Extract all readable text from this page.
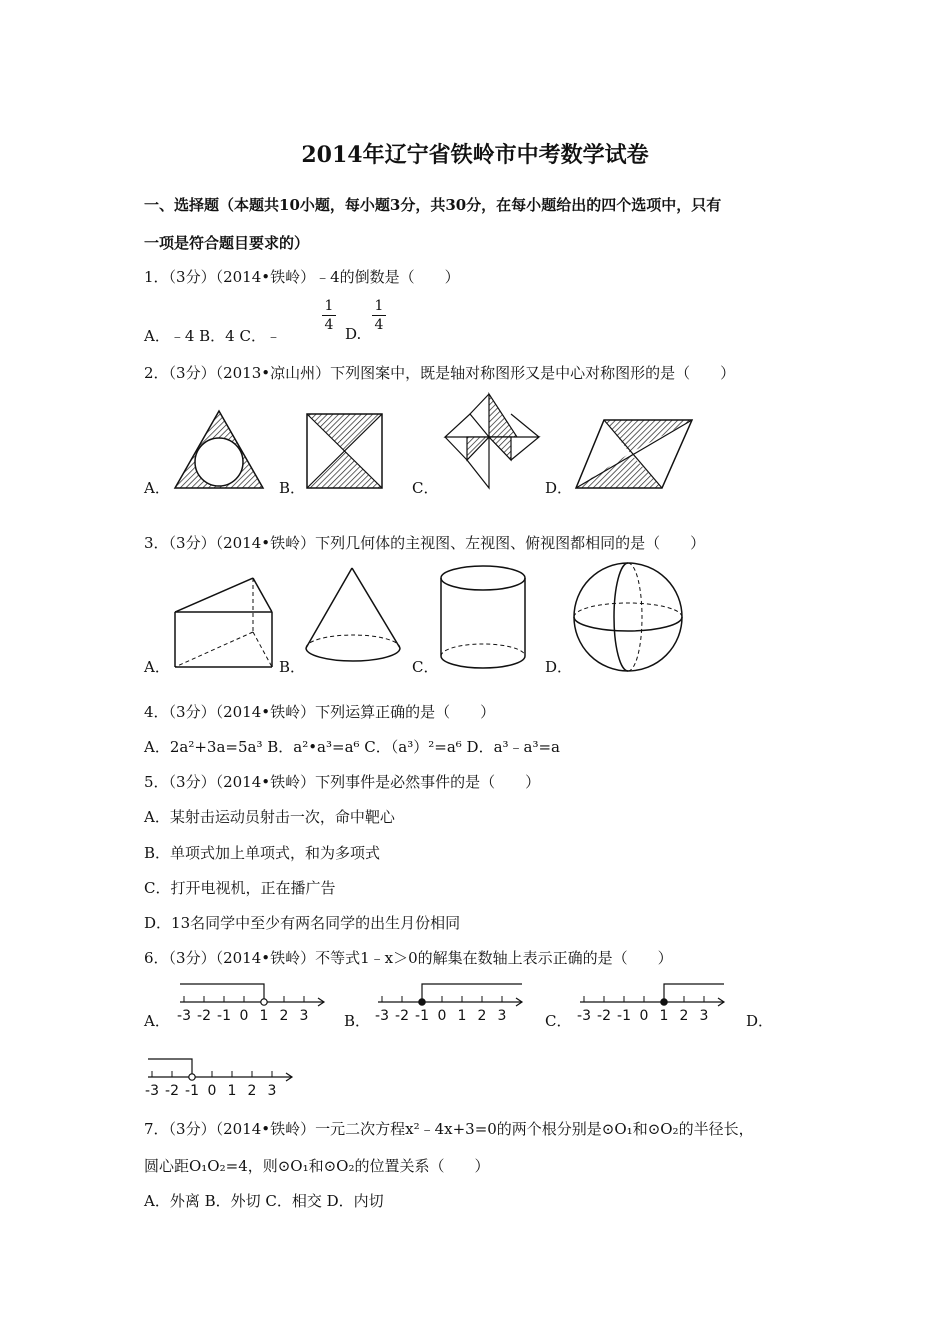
2014年辽宁省铁岭市中考数学试卷
一、选择题（本题共10小题，每小题3分，共30分，在每小题给出的四个选项中，只有
一项是符合题目要求的）
1．（3分）（2014•铁岭）﹣4的倒数是（　　）
A．﹣4 B．4 C．﹣
1
4 D.
1
4
2．（3分）（2013•凉山州）下列图案中，既是轴对称图形又是中心对称图形的是（　　）
A．	B．	C．	D．
3．（3分）（2014•铁岭）下列几何体的主视图、左视图、俯视图都相同的是（　　）
A．	B．	C．	D．
4．（3分）（2014•铁岭）下列运算正确的是（　　）
A．2a²+3a=5a³ B．a²•a³=a⁶ C．（a³）²=a⁶ D．a³﹣a³=a
5．（3分）（2014•铁岭）下列事件是必然事件的是（　　）
A．某射击运动员射击一次，命中靶心
B．单项式加上单项式，和为多项式
C．打开电视机，正在播广告
D．13名同学中至少有两名同学的出生月份相同
6．（3分）（2014•铁岭）不等式1﹣x＞0的解集在数轴上表示正确的是（　　）
A．	B．	C．	D．
-3 -2 -1 0 1 2 3	-3 -2 -1 0 1 2 3	-3 -2 -1 0 1 2 3
-3 -2 -1 0 1 2 3
7．（3分）（2014•铁岭）一元二次方程x²﹣4x+3=0的两个根分别是⊙O₁和⊙O₂的半径长，
圆心距O₁O₂=4，则⊙O₁和⊙O₂的位置关系（　　）
A．外离 B．外切 C．相交 D．内切
